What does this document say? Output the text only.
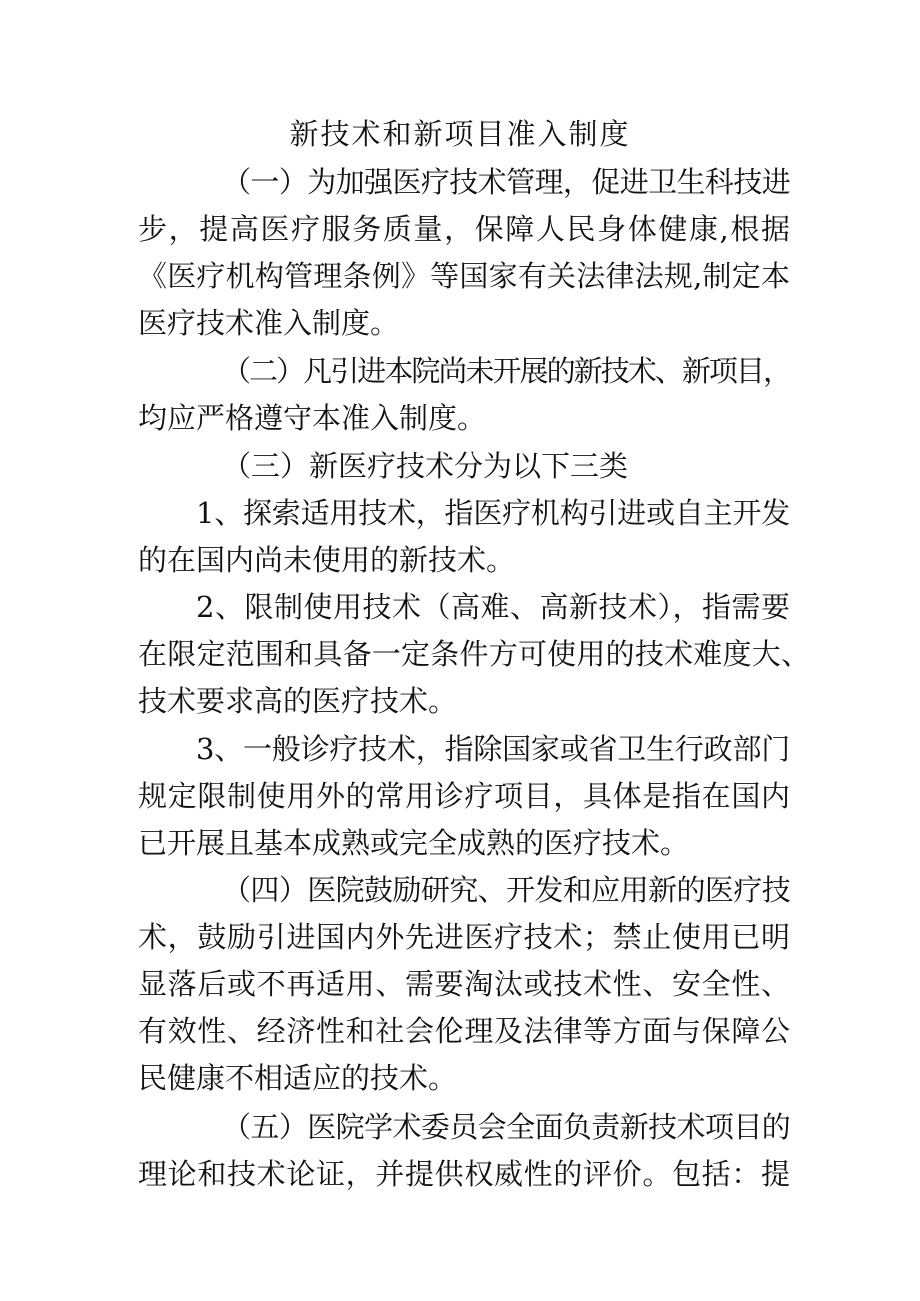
新技术和新项目准入制度
（一）为加强医疗技术管理，促进卫生科技进
步，提高医疗服务质量，保障人民身体健康,根据
《医疗机构管理条例》等国家有关法律法规,制定本
医疗技术准入制度。
（二）凡引进本院尚未开展的新技术、新项目，
均应严格遵守本准入制度。
（三）新医疗技术分为以下三类
1、探索适用技术，指医疗机构引进或自主开发
的在国内尚未使用的新技术。
2、限制使用技术（高难、高新技术），指需要
在限定范围和具备一定条件方可使用的技术难度大、
技术要求高的医疗技术。
3、一般诊疗技术，指除国家或省卫生行政部门
规定限制使用外的常用诊疗项目，具体是指在国内
已开展且基本成熟或完全成熟的医疗技术。
（四）医院鼓励研究、开发和应用新的医疗技
术，鼓励引进国内外先进医疗技术；禁止使用已明
显落后或不再适用、需要淘汰或技术性、安全性、
有效性、经济性和社会伦理及法律等方面与保障公
民健康不相适应的技术。
（五）医院学术委员会全面负责新技术项目的
理论和技术论证，并提供权威性的评价。包括：提
